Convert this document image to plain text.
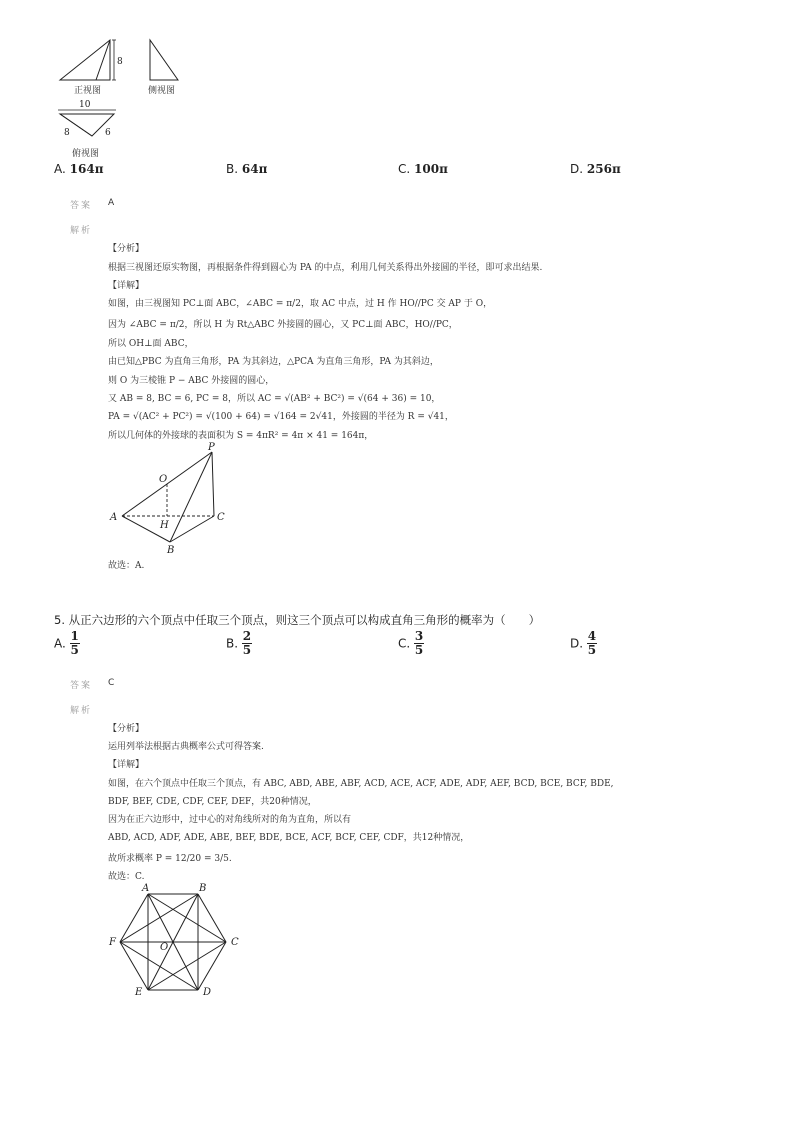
8
正视图	侧视图
10
8	6
俯视图
A. 164π	B. 64π	C. 100π	D. 256π
答案 A
解析
【分析】
根据三视图还原实物图，再根据条件得到圆心为 PA 的中点，利用几何关系得出外接圆的半径，即可求出结果.
【详解】
如图，由三视图知 PC⊥面 ABC，∠ABC = π/2，取 AC 中点，过 H 作 HO//PC 交 AP 于 O，
因为 ∠ABC = π/2，所以 H 为 Rt△ABC 外接圆的圆心，又 PC⊥面 ABC，HO//PC，
所以 OH⊥面 ABC，
由已知△PBC 为直角三角形，PA 为其斜边，△PCA 为直角三角形，PA 为其斜边，
则 O 为三棱锥 P − ABC 外接圆的圆心，
又 AB = 8, BC = 6, PC = 8，所以 AC = √(AB² + BC²) = √(64 + 36) = 10，
PA = √(AC² + PC²) = √(100 + 64) = √164 = 2√41，外接圆的半径为 R = √41，
所以几何体的外接球的表面积为 S = 4πR² = 4π × 41 = 164π，
P
O
A
H
C
B
故选：A.
5. 从正六边形的六个顶点中任取三个顶点，则这三个顶点可以构成直角三角形的概率为（　　）
A. $\frac{1}{5}$	B. $\frac{2}{5}$	C. $\frac{3}{5}$	D. $\frac{4}{5}$
答案 C
解析
【分析】
运用列举法根据古典概率公式可得答案.
【详解】
如图，在六个顶点中任取三个顶点，有 ABC, ABD, ABE, ABF, ACD, ACE, ACF, ADE, ADF, AEF, BCD, BCE, BCF, BDE,
BDF, BEF, CDE, CDF, CEF, DEF，共20种情况，
因为在正六边形中，过中心的对角线所对的角为直角，所以有
ABD, ACD, ADF, ADE, ABE, BEF, BDE, BCE, ACF, BCF, CEF, CDF，共12种情况，
故所求概率 P = 12/20 = 3/5.
故选：C.
A	B
C
D
E
F	O
